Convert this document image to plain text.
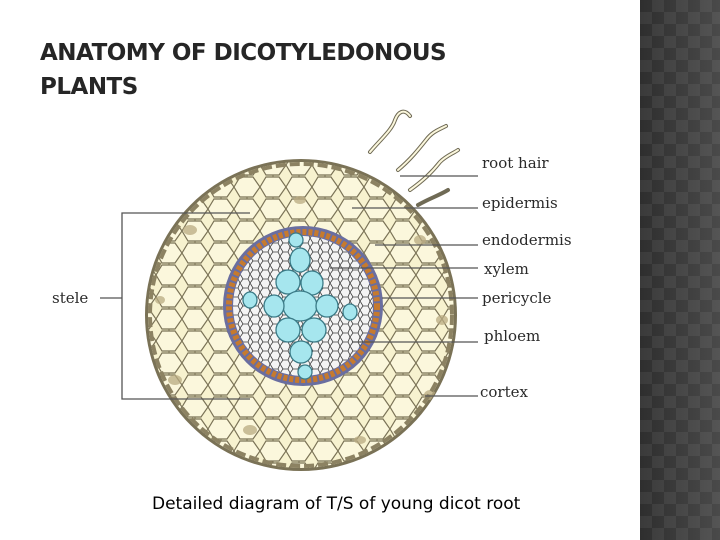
ANATOMY OF DICOTYLEDONOUS
PLANTS
root hair
epidermis
endodermis
xylem
pericycle
phloem
cortex
stele
Detailed diagram of T/S of young dicot root
